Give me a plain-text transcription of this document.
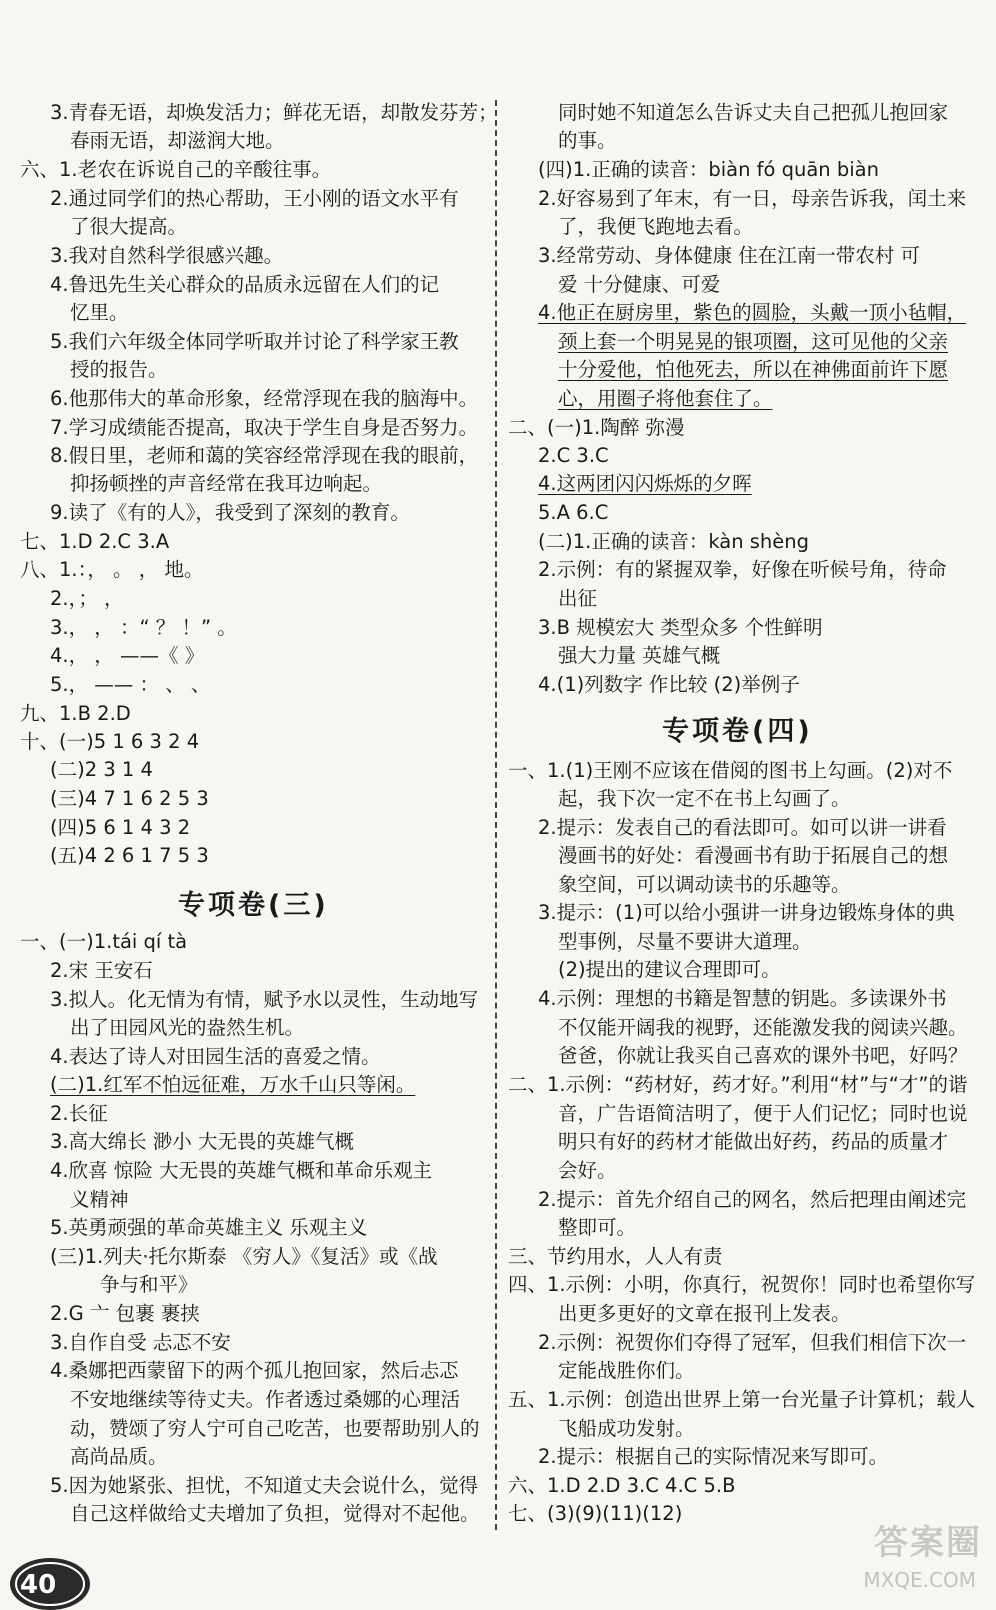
3.青春无语，却焕发活力；鲜花无语，却散发芬芳；
春雨无语，却滋润大地。
六、1.老农在诉说自己的辛酸往事。
2.通过同学们的热心帮助，王小刚的语文水平有
了很大提高。
3.我对自然科学很感兴趣。
4.鲁迅先生关心群众的品质永远留在人们的记
忆里。
5.我们六年级全体同学听取并讨论了科学家王教
授的报告。
6.他那伟大的革命形象，经常浮现在我的脑海中。
7.学习成绩能否提高，取决于学生自身是否努力。
8.假日里，老师和蔼的笑容经常浮现在我的眼前，
抑扬顿挫的声音经常在我耳边响起。
9.读了《有的人》，我受到了深刻的教育。
七、1.D 2.C 3.A
八、1.：， 。 ， 地。
2.，； ，
3.， ， ：“ ？ ！” 。
4.， ， ——《 》
5.， —— ： 、 、
九、1.B 2.D
十、(一)5 1 6 3 2 4
(二)2 3 1 4
(三)4 7 1 6 2 5 3
(四)5 6 1 4 3 2
(五)4 2 6 1 7 5 3
一、(一)1.tái qí tà
2.宋 王安石
3.拟人。化无情为有情，赋予水以灵性，生动地写
出了田园风光的盎然生机。
4.表达了诗人对田园生活的喜爱之情。
(二)1.红军不怕远征难，万水千山只等闲。
2.长征
3.高大绵长 渺小 大无畏的英雄气概
4.欣喜 惊险 大无畏的英雄气概和革命乐观主
义精神
5.英勇顽强的革命英雄主义 乐观主义
(三)1.列夫·托尔斯泰 《穷人》《复活》或《战
争与和平》
2.G 亠 包裹 裹挟
3.自作自受 忐忑不安
4.桑娜把西蒙留下的两个孤儿抱回家，然后忐忑
不安地继续等待丈夫。作者透过桑娜的心理活
动，赞颂了穷人宁可自己吃苦，也要帮助别人的
高尚品质。
5.因为她紧张、担忧，不知道丈夫会说什么，觉得
自己这样做给丈夫增加了负担，觉得对不起他。
同时她不知道怎么告诉丈夫自己把孤儿抱回家
的事。
(四)1.正确的读音：biàn fó quān biàn
2.好容易到了年末，有一日，母亲告诉我，闰土来
了，我便飞跑地去看。
3.经常劳动、身体健康 住在江南一带农村 可
爱 十分健康、可爱
4.他正在厨房里，紫色的圆脸，头戴一顶小毡帽，
颈上套一个明晃晃的银项圈，这可见他的父亲
十分爱他，怕他死去，所以在神佛面前许下愿
心，用圈子将他套住了。
二、(一)1.陶醉 弥漫
2.C 3.C
4.这两团闪闪烁烁的夕晖
5.A 6.C
(二)1.正确的读音：kàn shèng
2.示例：有的紧握双拳，好像在听候号角，待命
出征
3.B 规模宏大 类型众多 个性鲜明
强大力量 英雄气概
4.(1)列数字 作比较 (2)举例子
一、1.(1)王刚不应该在借阅的图书上勾画。(2)对不
起，我下次一定不在书上勾画了。
2.提示：发表自己的看法即可。如可以讲一讲看
漫画书的好处：看漫画书有助于拓展自己的想
象空间，可以调动读书的乐趣等。
3.提示：(1)可以给小强讲一讲身边锻炼身体的典
型事例，尽量不要讲大道理。
(2)提出的建议合理即可。
4.示例：理想的书籍是智慧的钥匙。多读课外书
不仅能开阔我的视野，还能激发我的阅读兴趣。
爸爸，你就让我买自己喜欢的课外书吧，好吗？
二、1.示例：“药材好，药才好。”利用“材”与“才”的谐
音，广告语简洁明了，便于人们记忆；同时也说
明只有好的药材才能做出好药，药品的质量才
会好。
2.提示：首先介绍自己的网名，然后把理由阐述完
整即可。
三、节约用水，人人有责
四、1.示例：小明，你真行，祝贺你！同时也希望你写
出更多更好的文章在报刊上发表。
2.示例：祝贺你们夺得了冠军，但我们相信下次一
定能战胜你们。
五、1.示例：创造出世界上第一台光量子计算机；载人
飞船成功发射。
2.提示：根据自己的实际情况来写即可。
六、1.D 2.D 3.C 4.C 5.B
七、(3)(9)(11)(12)
专项卷(三)
专项卷(四)
40
答案圈
MXQE.COM
